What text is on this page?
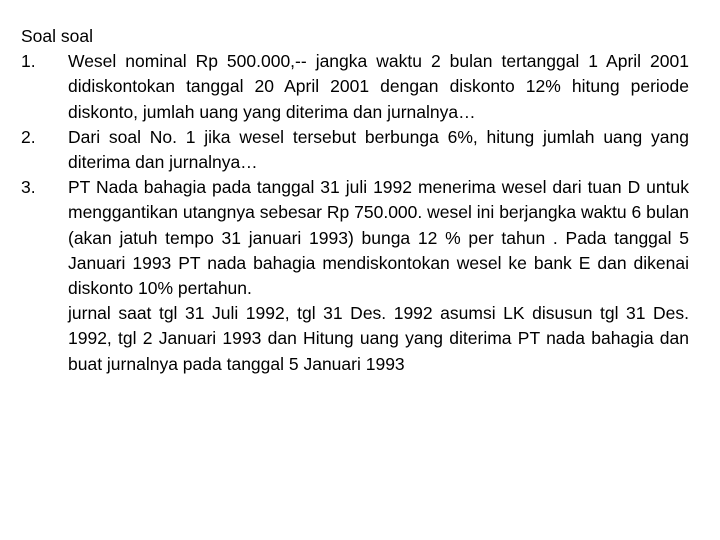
Soal soal
1.	Wesel nominal Rp 500.000,-- jangka waktu 2 bulan tertanggal 1 April 2001 didiskontokan tanggal 20 April 2001 dengan diskonto 12% hitung periode diskonto, jumlah uang yang diterima dan jurnalnya…

2.	Dari soal No. 1 jika wesel tersebut berbunga 6%, hitung jumlah uang yang diterima dan jurnalnya…

3.	PT Nada bahagia pada tanggal 31 juli 1992 menerima wesel dari tuan D untuk menggantikan utangnya sebesar Rp 750.000. wesel ini berjangka waktu 6 bulan (akan jatuh tempo 31 januari 1993) bunga 12 % per tahun . Pada tanggal 5 Januari 1993 PT nada bahagia mendiskontokan wesel ke bank E dan dikenai diskonto 10% pertahun.

jurnal saat tgl 31 Juli 1992, tgl 31 Des. 1992 asumsi LK disusun tgl 31 Des. 1992, tgl 2 Januari 1993 dan Hitung uang yang diterima PT nada bahagia dan buat jurnalnya pada tanggal 5 Januari 1993
